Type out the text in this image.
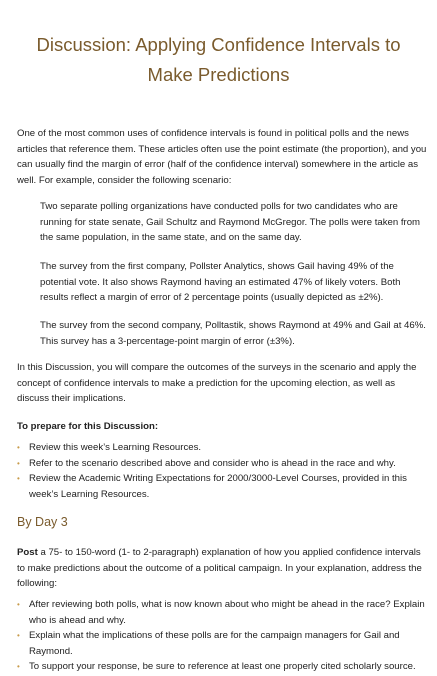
Discussion: Applying Confidence Intervals to
Make Predictions

One of the most common uses of confidence intervals is found in political polls and the news articles that reference them. These articles often use the point estimate (the proportion), and you can usually find the margin of error (half of the confidence interval) somewhere in the article as well. For example, consider the following scenario:

Two separate polling organizations have conducted polls for two candidates who are running for state senate, Gail Schultz and Raymond McGregor. The polls were taken from the same population, in the same state, and on the same day.

The survey from the first company, Pollster Analytics, shows Gail having 49% of the potential vote. It also shows Raymond having an estimated 47% of likely voters. Both results reflect a margin of error of 2 percentage points (usually depicted as ±2%).

The survey from the second company, Polltastik, shows Raymond at 49% and Gail at 46%. This survey has a 3-percentage-point margin of error (±3%).

In this Discussion, you will compare the outcomes of the surveys in the scenario and apply the concept of confidence intervals to make a prediction for the upcoming election, as well as discuss their implications.

To prepare for this Discussion:

• Review this week’s Learning Resources.
• Refer to the scenario described above and consider who is ahead in the race and why.
• Review the Academic Writing Expectations for 2000/3000-Level Courses, provided in this week’s Learning Resources.
By Day 3

Post a 75- to 150-word (1- to 2-paragraph) explanation of how you applied confidence intervals to make predictions about the outcome of a political campaign. In your explanation, address the following:

• After reviewing both polls, what is now known about who might be ahead in the race? Explain who is ahead and why.
• Explain what the implications of these polls are for the campaign managers for Gail and Raymond.
• To support your response, be sure to reference at least one properly cited scholarly source.
